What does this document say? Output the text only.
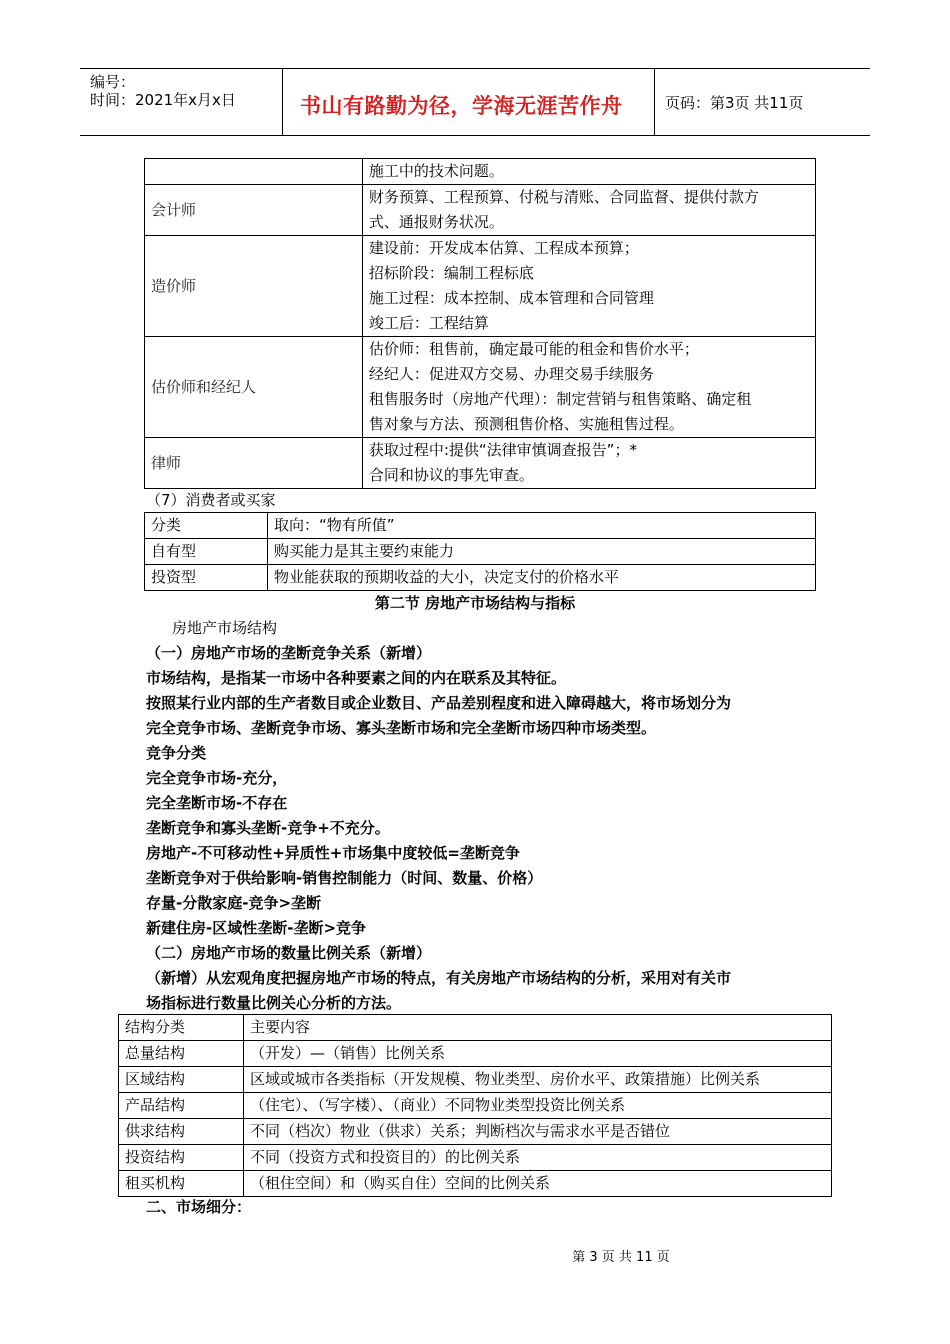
编号：
时间：2021年x月x日	书山有路勤为径，学海无涯苦作舟	页码：第3页 共11页

	施工中的技术问题。

会计师	财务预算、工程预算、付税与清账、合同监督、提供付款方
式、通报财务状况。

造价师	建设前：开发成本估算、工程成本预算；
招标阶段：编制工程标底
施工过程：成本控制、成本管理和合同管理
竣工后：工程结算

估价师和经纪人	估价师：租售前，确定最可能的租金和售价水平；
经纪人：促进双方交易、办理交易手续服务
租售服务时（房地产代理）：制定营销与租售策略、确定租
售对象与方法、预测租售价格、实施租售过程。

律师	获取过程中:提供“法律审慎调查报告”；*
合同和协议的事先审查。
（7）消费者或买家
分类	取向：“物有所值”
自有型	购买能力是其主要约束能力
投资型	物业能获取的预期收益的大小，决定支付的价格水平
第二节 房地产市场结构与指标
房地产市场结构
（一）房地产市场的垄断竞争关系（新增）
市场结构，是指某一市场中各种要素之间的内在联系及其特征。
按照某行业内部的生产者数目或企业数目、产品差别程度和进入障碍越大，将市场划分为
完全竞争市场、垄断竞争市场、寡头垄断市场和完全垄断市场四种市场类型。
竞争分类
完全竞争市场-充分，
完全垄断市场-不存在
垄断竞争和寡头垄断-竞争+不充分。
房地产-不可移动性+异质性+市场集中度较低=垄断竞争
垄断竞争对于供给影响-销售控制能力（时间、数量、价格）
存量-分散家庭-竞争>垄断
新建住房-区域性垄断-垄断>竞争
（二）房地产市场的数量比例关系（新增）
（新增）从宏观角度把握房地产市场的特点，有关房地产市场结构的分析，采用对有关市
场指标进行数量比例关心分析的方法。
结构分类	主要内容
总量结构	（开发）—（销售）比例关系
区域结构	区域或城市各类指标（开发规模、物业类型、房价水平、政策措施）比例关系
产品结构	（住宅）、（写字楼）、（商业）不同物业类型投资比例关系
供求结构	不同（档次）物业（供求）关系；判断档次与需求水平是否错位
投资结构	不同（投资方式和投资目的）的比例关系
租买机构	（租住空间）和（购买自住）空间的比例关系
二、市场细分：
第 3 页 共 11 页
